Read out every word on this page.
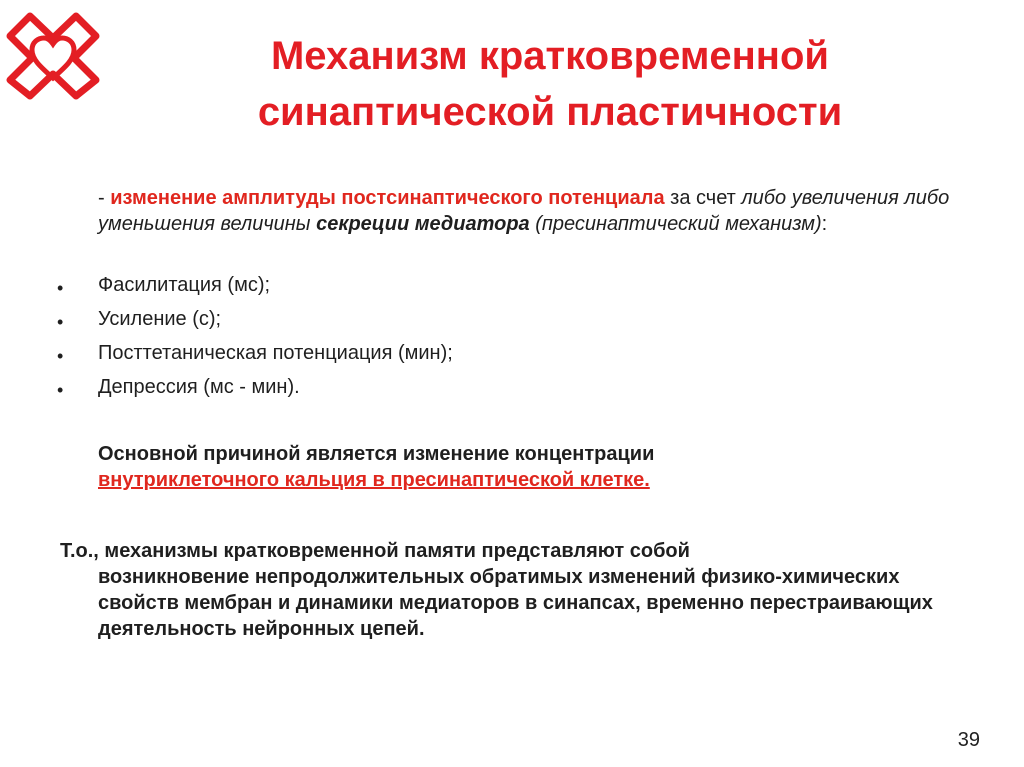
Механизм кратковременной
синаптической пластичности
- изменение амплитуды постсинаптического потенциала за счет либо увеличения либо уменьшения величины секреции медиатора (пресинаптический механизм):
• Фасилитация (мс);
• Усиление (с);
• Посттетаническая потенциация (мин);
• Депрессия (мс - мин).
Основной причиной является изменение концентрации
внутриклеточного кальция в пресинаптической клетке.
Т.о., механизмы кратковременной памяти представляют собой
возникновение непродолжительных обратимых изменений физико-химических свойств мембран и динамики медиаторов в синапсах, временно перестраивающих деятельность нейронных цепей.
39
